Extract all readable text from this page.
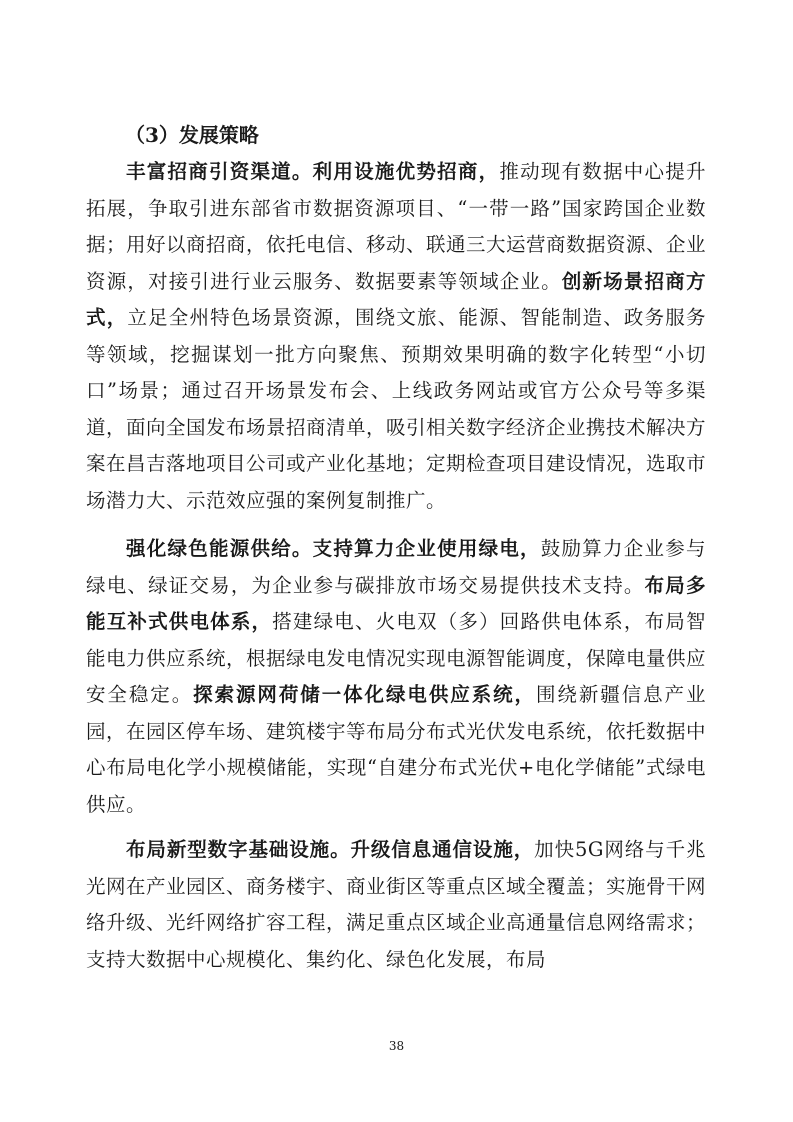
（3）发展策略

丰富招商引资渠道。利用设施优势招商，推动现有数据中心提升拓展，争取引进东部省市数据资源项目、“一带一路”国家跨国企业数据；用好以商招商，依托电信、移动、联通三大运营商数据资源、企业资源，对接引进行业云服务、数据要素等领域企业。创新场景招商方式，立足全州特色场景资源，围绕文旅、能源、智能制造、政务服务等领域，挖掘谋划一批方向聚焦、预期效果明确的数字化转型“小切口”场景；通过召开场景发布会、上线政务网站或官方公众号等多渠道，面向全国发布场景招商清单，吸引相关数字经济企业携技术解决方案在昌吉落地项目公司或产业化基地；定期检查项目建设情况，选取市场潜力大、示范效应强的案例复制推广。

强化绿色能源供给。支持算力企业使用绿电，鼓励算力企业参与绿电、绿证交易，为企业参与碳排放市场交易提供技术支持。布局多能互补式供电体系，搭建绿电、火电双（多）回路供电体系，布局智能电力供应系统，根据绿电发电情况实现电源智能调度，保障电量供应安全稳定。探索源网荷储一体化绿电供应系统，围绕新疆信息产业园，在园区停车场、建筑楼宇等布局分布式光伏发电系统，依托数据中心布局电化学小规模储能，实现“自建分布式光伏+电化学储能”式绿电供应。

布局新型数字基础设施。升级信息通信设施，加快5G网络与千兆光网在产业园区、商务楼宇、商业街区等重点区域全覆盖；实施骨干网络升级、光纤网络扩容工程，满足重点区域企业高通量信息网络需求；支持大数据中心规模化、集约化、绿色化发展，布局

38
